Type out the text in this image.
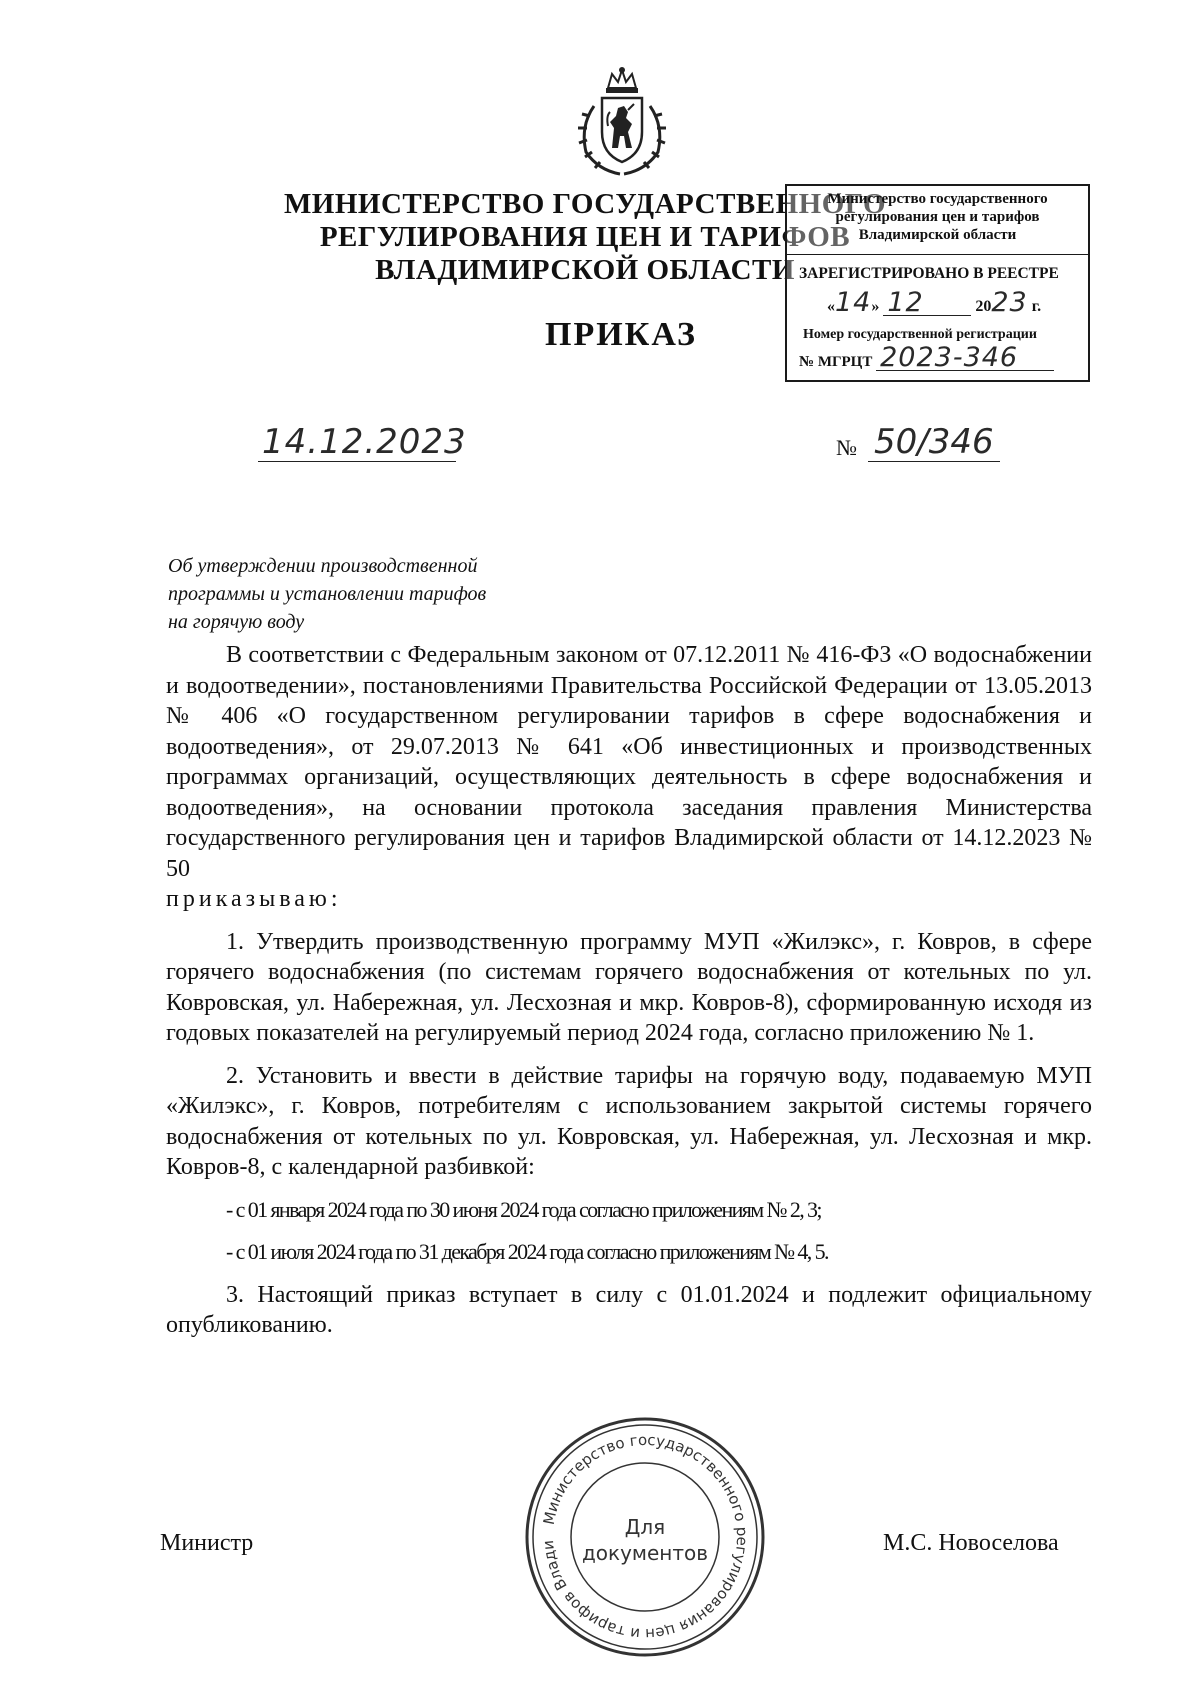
МИНИСТЕРСТВО ГОСУДАРСТВЕННОГО
РЕГУЛИРОВАНИЯ ЦЕН И ТАРИФОВ
ВЛАДИМИРСКОЙ ОБЛАСТИ
Министерство государственного
регулирования цен и тарифов
Владимирской области
ЗАРЕГИСТРИРОВАНО В РЕЕСТРЕ
«14» 12	2023 г.
Номер государственной регистрации
№ МГРЦТ 2023-346
ПРИКАЗ
14.12.2023	№ 50/346
Об утверждении производственной
программы и установлении тарифов
на горячую воду

В соответствии с Федеральным законом от 07.12.2011 № 416-ФЗ «О водоснабжении и водоотведении», постановлениями Правительства Российской Федерации от 13.05.2013 № 406 «О государственном регулировании тарифов в сфере водоснабжения и водоотведения», от 29.07.2013 № 641 «Об инвестиционных и производственных программах организаций, осуществляющих деятельность в сфере водоснабжения и водоотведения», на основании протокола заседания правления Министерства государственного регулирования цен и тарифов Владимирской области от 14.12.2023 № 50

приказываю:

1. Утвердить производственную программу МУП «Жилэкс», г. Ковров, в сфере горячего водоснабжения (по системам горячего водоснабжения от котельных по ул. Ковровская, ул. Набережная, ул. Лесхозная и мкр. Ковров-8), сформированную исходя из годовых показателей на регулируемый период 2024 года, согласно приложению № 1.

2. Установить и ввести в действие тарифы на горячую воду, подаваемую МУП «Жилэкс», г. Ковров, потребителям с использованием закрытой системы горячего водоснабжения от котельных по ул. Ковровская, ул. Набережная, ул. Лесхозная и мкр. Ковров-8, с календарной разбивкой:

- с 01 января 2024 года по 30 июня 2024 года согласно приложениям № 2, 3;

- с 01 июля 2024 года по 31 декабря 2024 года согласно приложениям № 4, 5.

3. Настоящий приказ вступает в силу с 01.01.2024 и подлежит официальному опубликованию.

Министерство государственного регулирования цен и тарифов Влади
Для
документов
Министр	М.С. Новоселова
